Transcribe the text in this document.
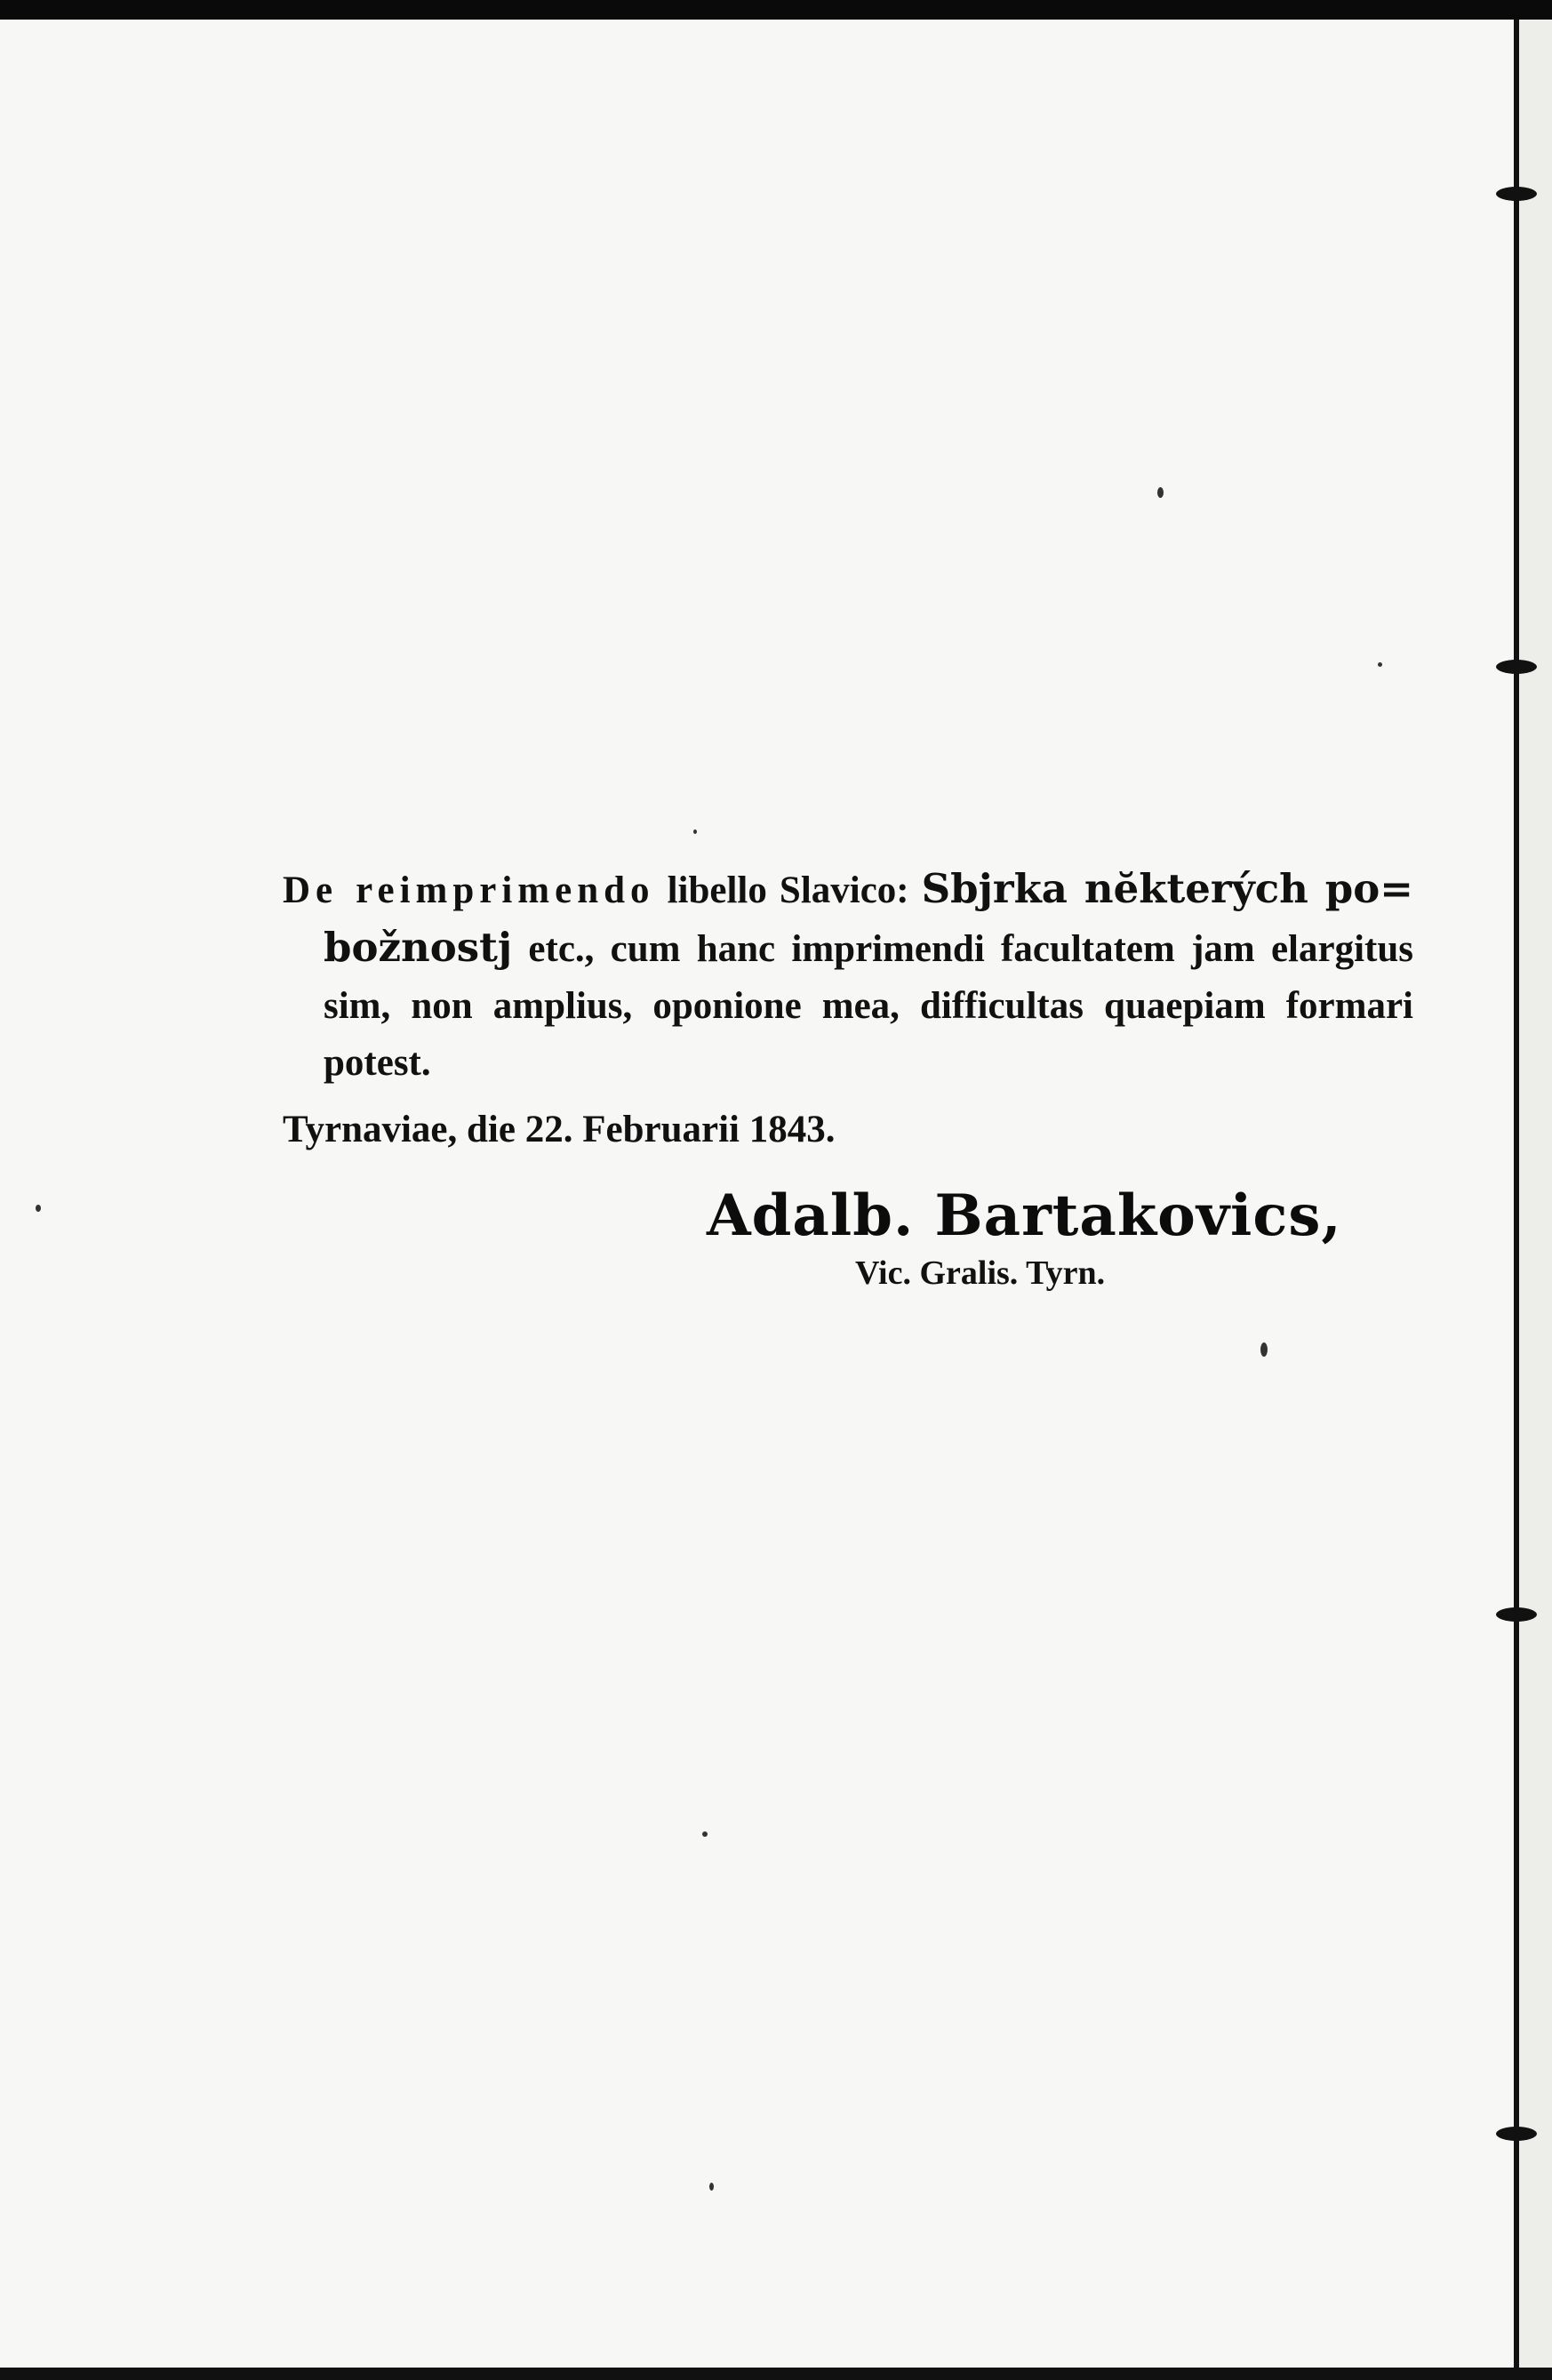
De reimprimendo libello Slavico: Sbjrka nĕkterých po= božnostj etc., cum hanc imprimendi facultatem jam elargitus sim, non amplius, oponione mea, difficultas quaepiam formari potest.

Tyrnaviae, die 22. Februarii 1843.

Adalb. Bartakovics,

Vic. Gralis. Tyrn.
